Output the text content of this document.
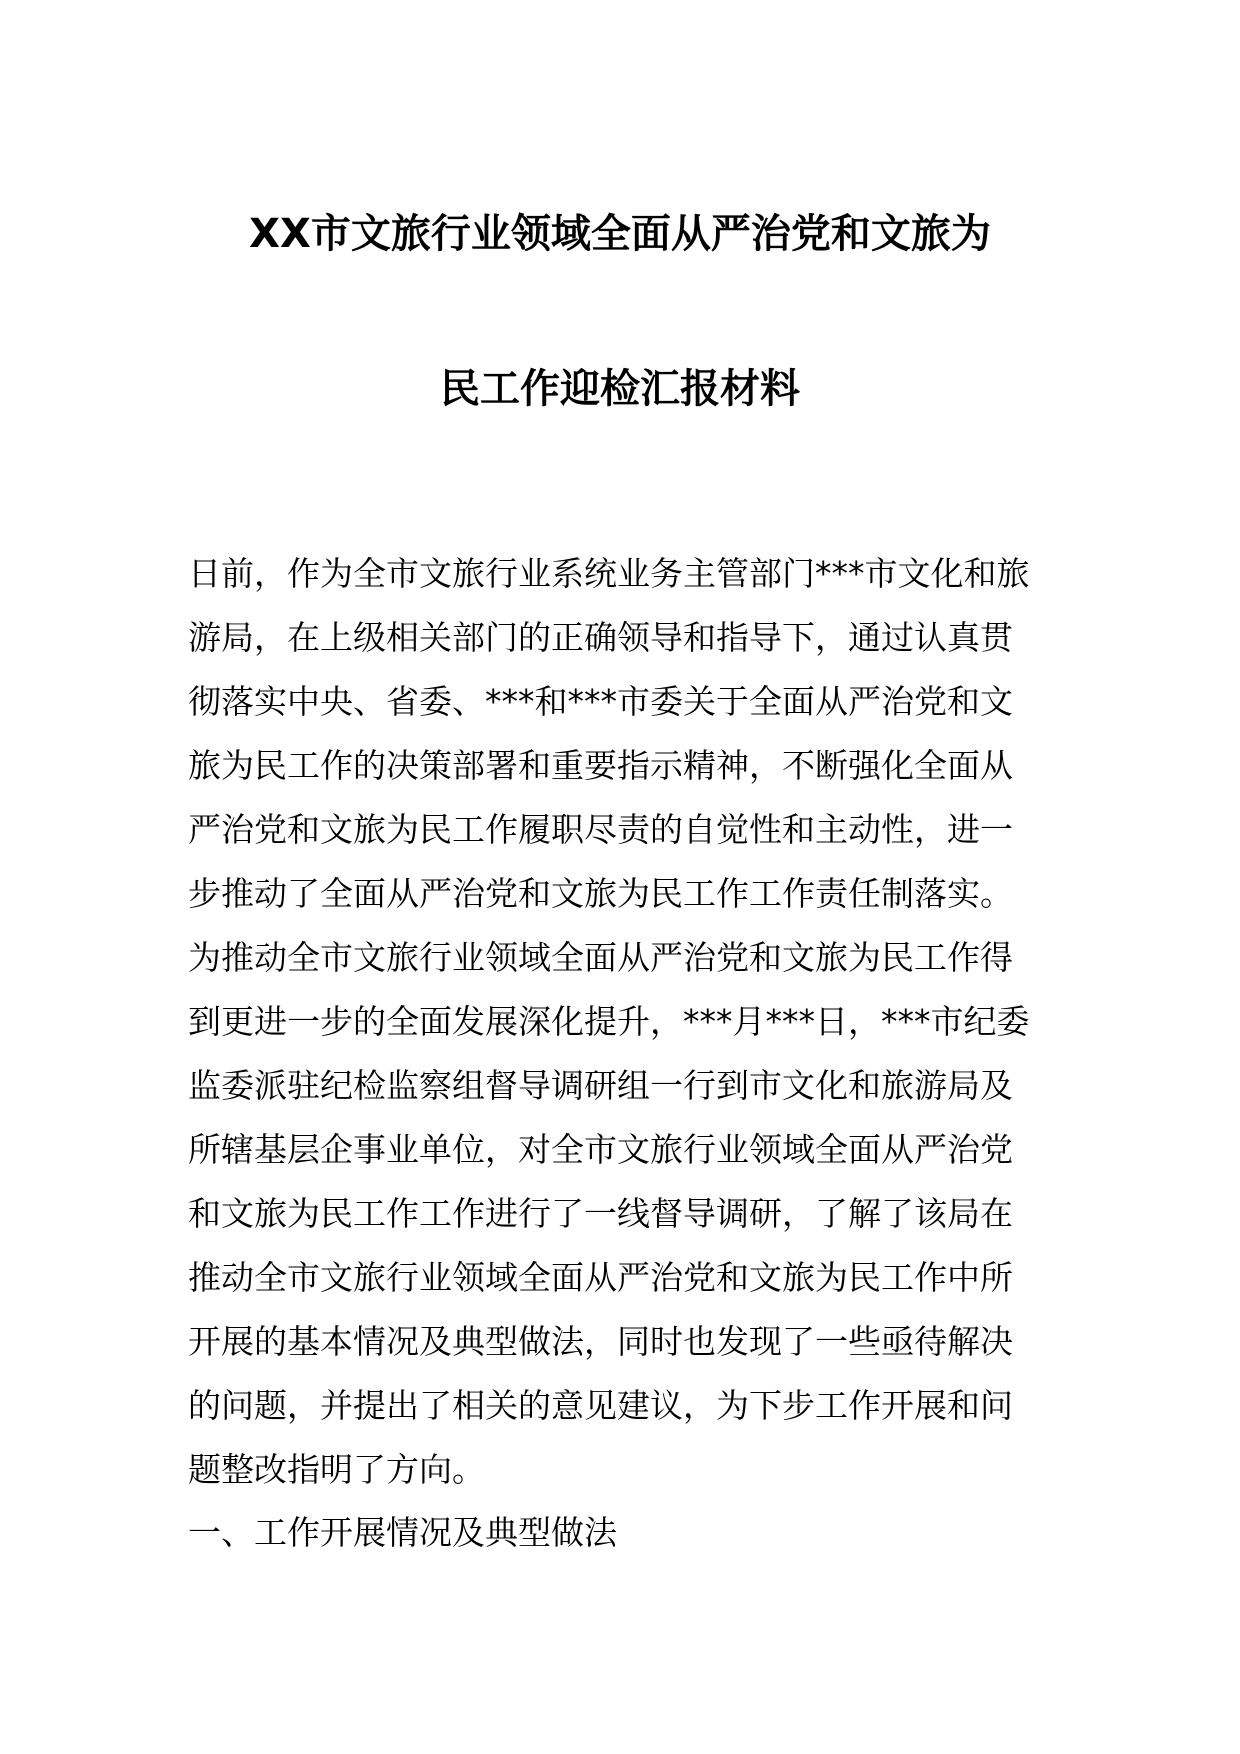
XX市文旅行业领域全面从严治党和文旅为
民工作迎检汇报材料
日前，作为全市文旅行业系统业务主管部门***市文化和旅
游局，在上级相关部门的正确领导和指导下，通过认真贯
彻落实中央、省委、***和***市委关于全面从严治党和文
旅为民工作的决策部署和重要指示精神，不断强化全面从
严治党和文旅为民工作履职尽责的自觉性和主动性，进一
步推动了全面从严治党和文旅为民工作工作责任制落实。
为推动全市文旅行业领域全面从严治党和文旅为民工作得
到更进一步的全面发展深化提升，***月***日，***市纪委
监委派驻纪检监察组督导调研组一行到市文化和旅游局及
所辖基层企事业单位，对全市文旅行业领域全面从严治党
和文旅为民工作工作进行了一线督导调研，了解了该局在
推动全市文旅行业领域全面从严治党和文旅为民工作中所
开展的基本情况及典型做法，同时也发现了一些亟待解决
的问题，并提出了相关的意见建议，为下步工作开展和问
题整改指明了方向。
一、工作开展情况及典型做法
